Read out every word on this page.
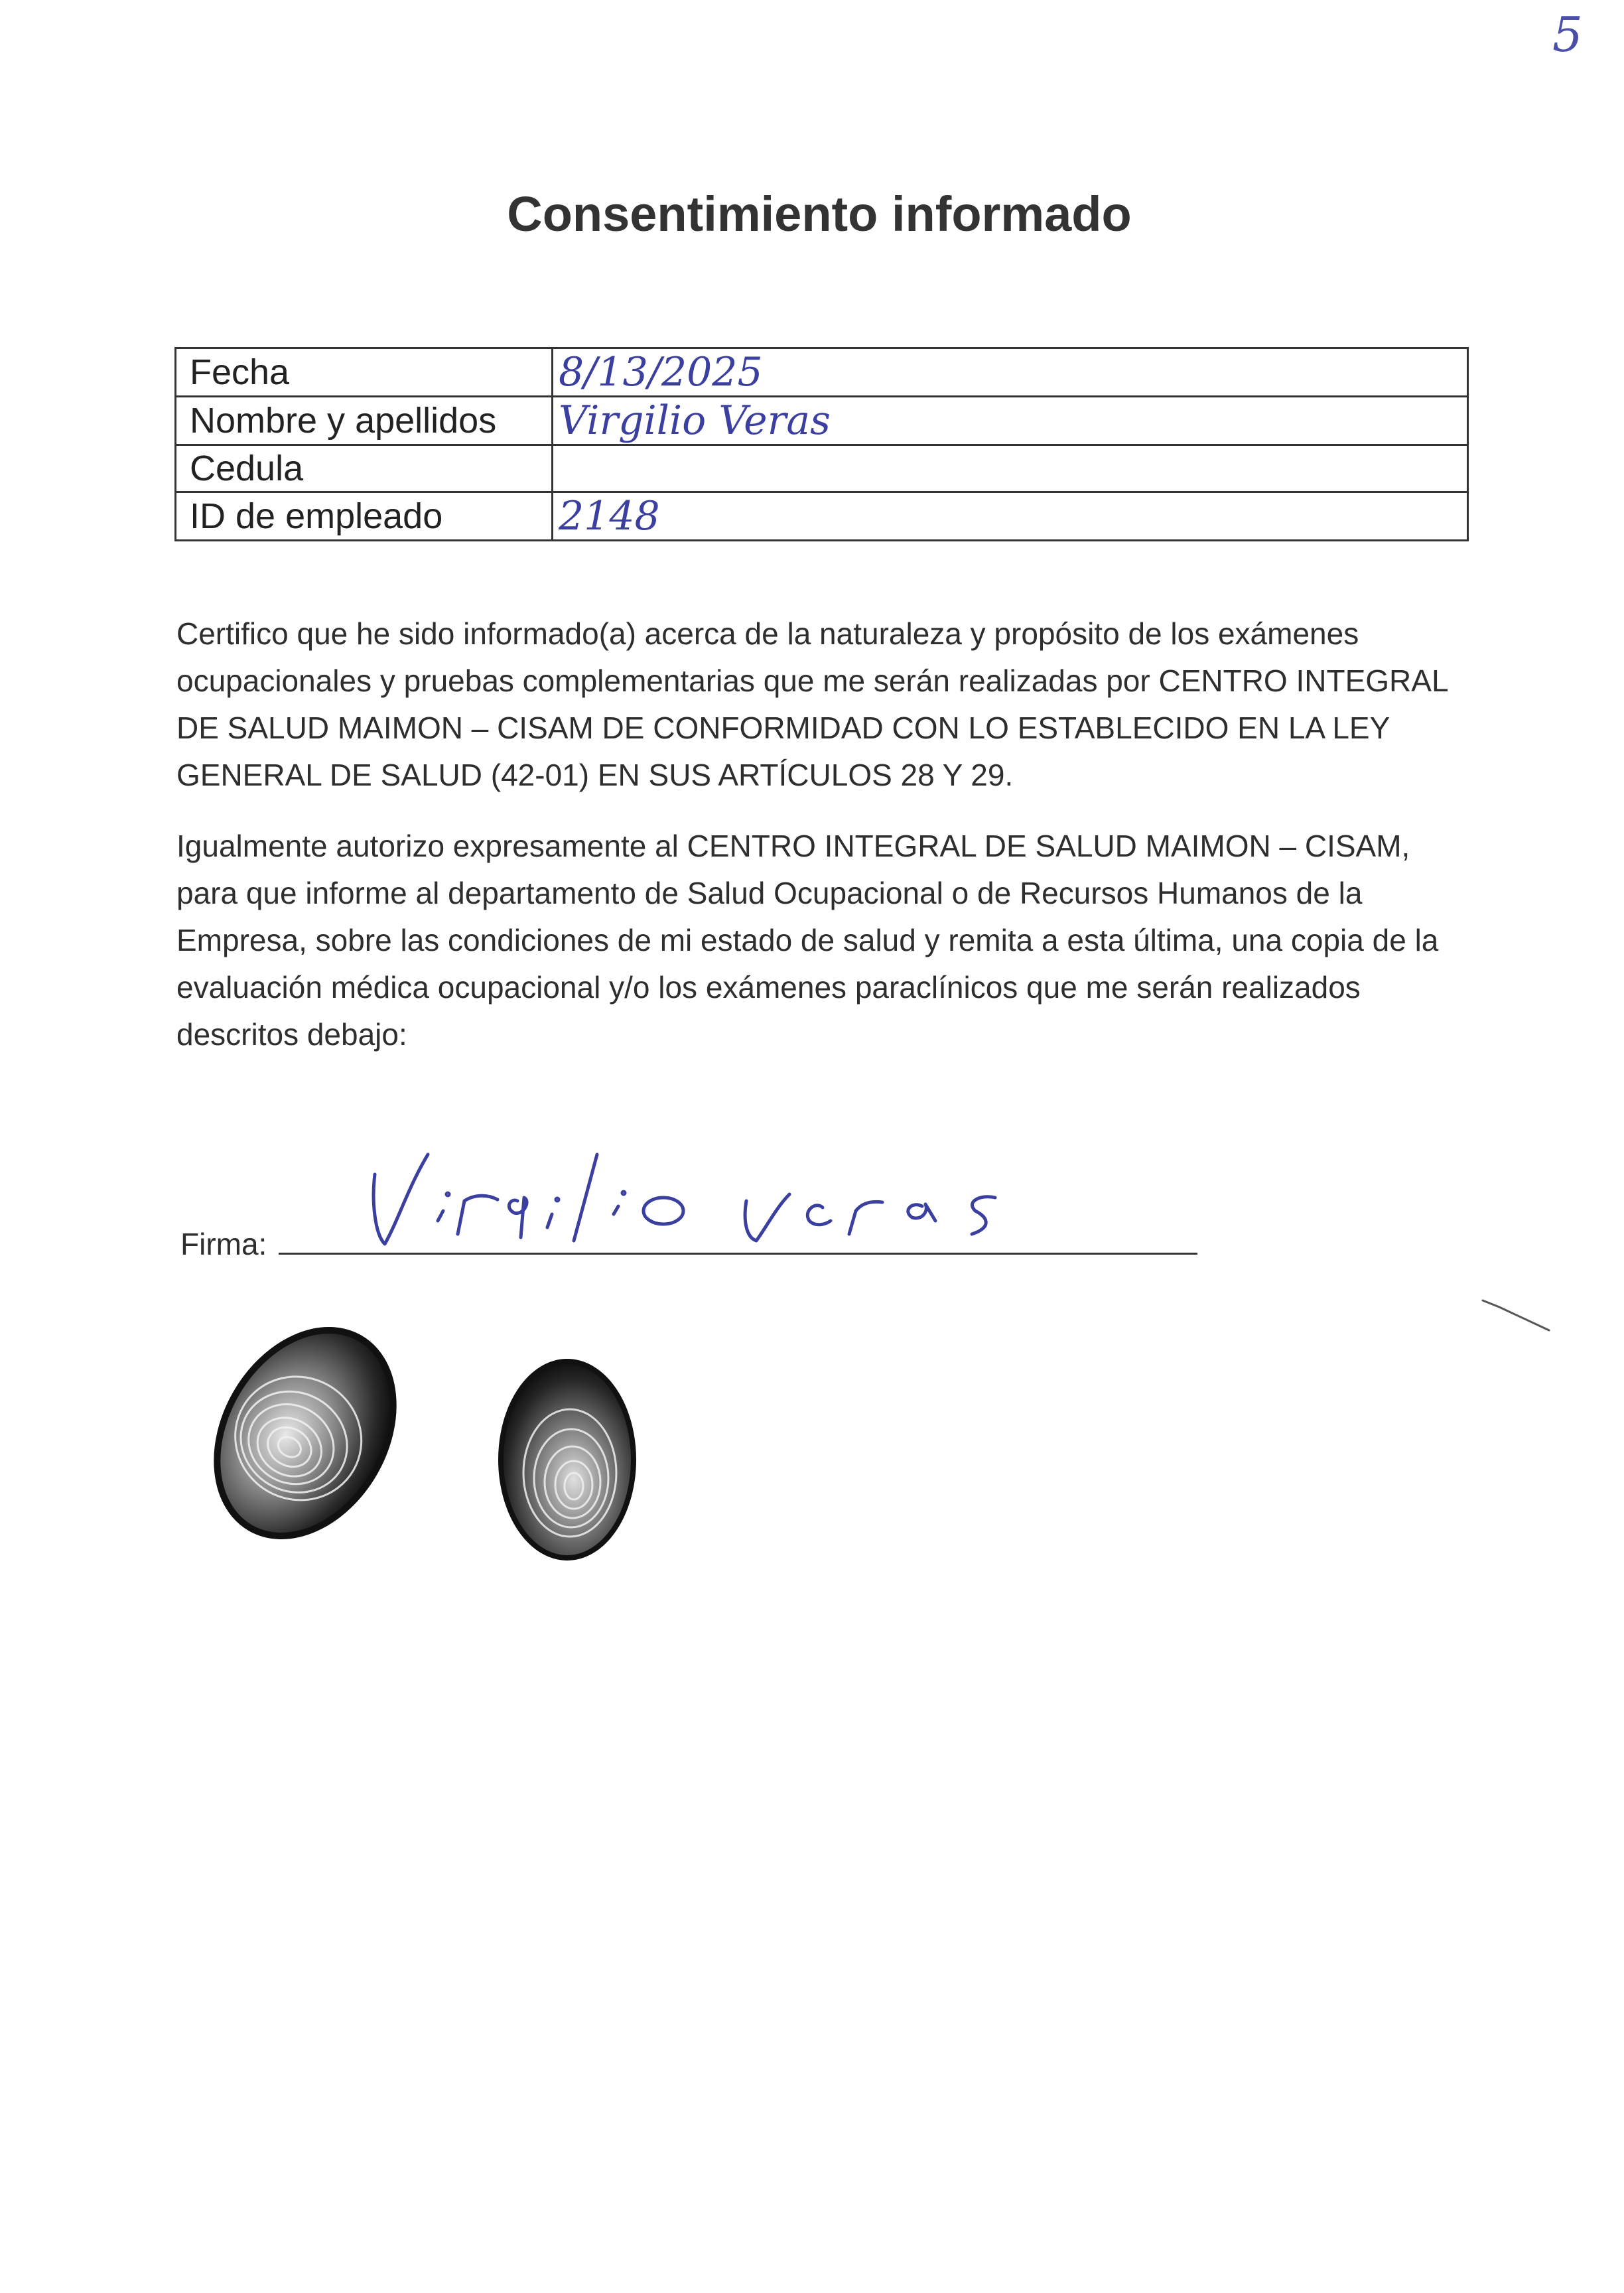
5
Consentimiento informado
Fecha	8/13/2025
Nombre y apellidos	Virgilio Veras
Cedula	
ID de empleado	2148

Certifico que he sido informado(a) acerca de la naturaleza y propósito de los exámenes ocupacionales y pruebas complementarias que me serán realizadas por CENTRO INTEGRAL DE SALUD MAIMON – CISAM DE CONFORMIDAD CON LO ESTABLECIDO EN LA LEY GENERAL DE SALUD (42-01) EN SUS ARTÍCULOS 28 Y 29.

Igualmente autorizo expresamente al CENTRO INTEGRAL DE SALUD MAIMON – CISAM, para que informe al departamento de Salud Ocupacional o de Recursos Humanos de la Empresa, sobre las condiciones de mi estado de salud y remita a esta última, una copia de la evaluación médica ocupacional y/o los exámenes paraclínicos que me serán realizados descritos debajo:

Firma:
